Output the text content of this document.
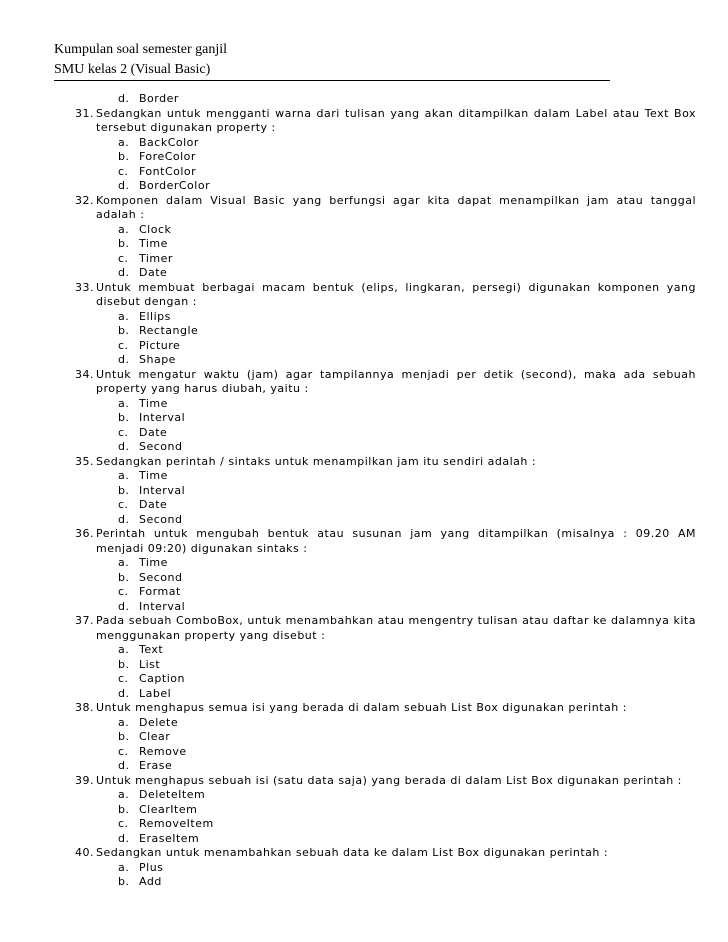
Kumpulan soal semester ganjil
SMU kelas 2 (Visual Basic)
d. Border
31. Sedangkan untuk mengganti warna dari tulisan yang akan ditampilkan dalam Label atau Text Box tersebut digunakan property :
a. BackColor
b. ForeColor
c. FontColor
d. BorderColor
32. Komponen dalam Visual Basic yang berfungsi agar kita dapat menampilkan jam atau tanggal adalah :
a. Clock
b. Time
c. Timer
d. Date
33. Untuk membuat berbagai macam bentuk (elips, lingkaran, persegi) digunakan komponen yang disebut dengan :
a. Ellips
b. Rectangle
c. Picture
d. Shape
34. Untuk mengatur waktu (jam) agar tampilannya menjadi per detik (second), maka ada sebuah property yang harus diubah, yaitu :
a. Time
b. Interval
c. Date
d. Second
35. Sedangkan perintah / sintaks untuk menampilkan jam itu sendiri adalah :
a. Time
b. Interval
c. Date
d. Second
36. Perintah untuk mengubah bentuk atau susunan jam yang ditampilkan (misalnya : 09.20 AM menjadi 09:20) digunakan sintaks :
a. Time
b. Second
c. Format
d. Interval
37. Pada sebuah ComboBox, untuk menambahkan atau mengentry tulisan atau daftar ke dalamnya kita menggunakan property yang disebut :
a. Text
b. List
c. Caption
d. Label
38. Untuk menghapus semua isi yang berada di dalam sebuah List Box digunakan perintah :
a. Delete
b. Clear
c. Remove
d. Erase
39. Untuk menghapus sebuah isi (satu data saja) yang berada di dalam List Box digunakan perintah :
a. DeleteItem
b. ClearItem
c. RemoveItem
d. EraseItem
40. Sedangkan untuk menambahkan sebuah data ke dalam List Box digunakan perintah :
a. Plus
b. Add
